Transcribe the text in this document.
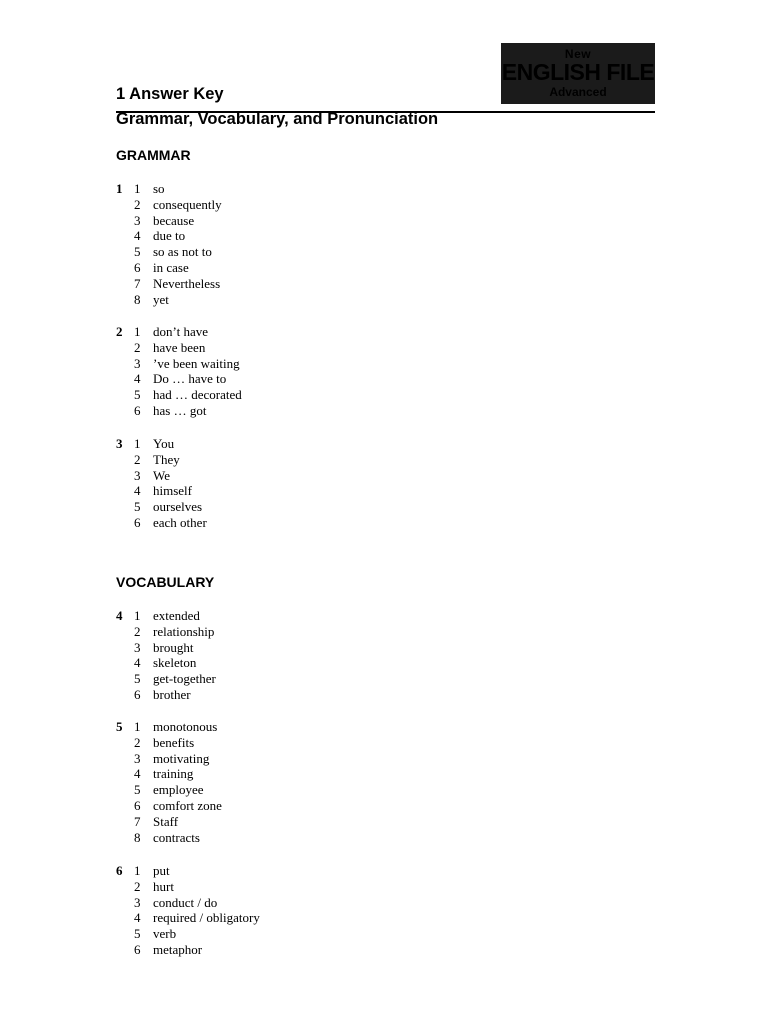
New
ENGLISH FILE
Advanced
1 Answer Key
Grammar, Vocabulary, and Pronunciation
GRAMMAR
1 1 so
2 consequently
3 because
4 due to
5 so as not to
6 in case
7 Nevertheless
8 yet
2 1 don’t have
2 have been
3 ’ve been waiting
4 Do … have to
5 had … decorated
6 has … got
3 1 You
2 They
3 We
4 himself
5 ourselves
6 each other
VOCABULARY
4 1 extended
2 relationship
3 brought
4 skeleton
5 get-together
6 brother
5 1 monotonous
2 benefits
3 motivating
4 training
5 employee
6 comfort zone
7 Staff
8 contracts
6 1 put
2 hurt
3 conduct / do
4 required / obligatory
5 verb
6 metaphor
